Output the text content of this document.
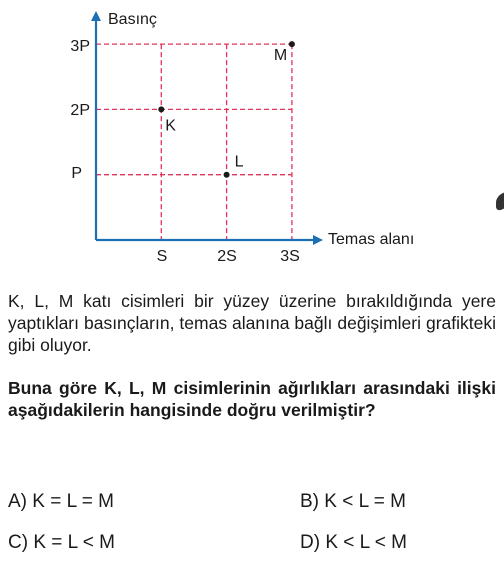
Basınç
Temas alanı
3P
2P
P
S	2S	3S
K
L
M

K, L, M katı cisimleri bir yüzey üzerine bırakıldığında yere yaptıkları basınçların, temas alanına bağlı değişimleri grafikteki gibi oluyor.

Buna göre K, L, M cisimlerinin ağırlıkları arasındaki ilişki aşağıdakilerin hangisinde doğru verilmiştir?

A) K = L = M	B) K < L = M
C) K = L < M	D) K < L < M
